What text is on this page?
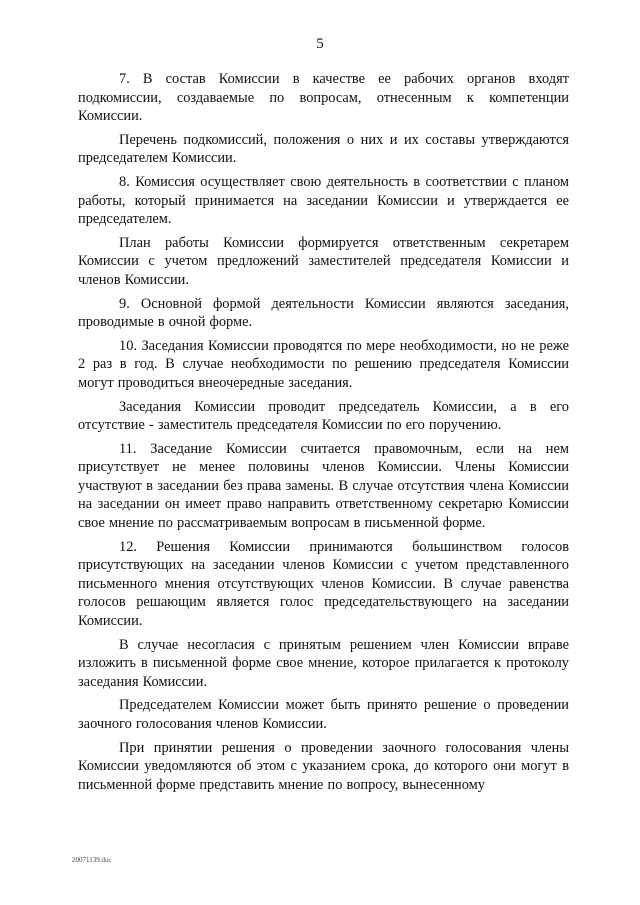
5

7. В состав Комиссии в качестве ее рабочих органов входят подкомиссии, создаваемые по вопросам, отнесенным к компетенции Комиссии.

Перечень подкомиссий, положения о них и их составы утверждаются председателем Комиссии.

8. Комиссия осуществляет свою деятельность в соответствии с планом работы, который принимается на заседании Комиссии и утверждается ее председателем.

План работы Комиссии формируется ответственным секретарем Комиссии с учетом предложений заместителей председателя Комиссии и членов Комиссии.

9. Основной формой деятельности Комиссии являются заседания, проводимые в очной форме.

10. Заседания Комиссии проводятся по мере необходимости, но не реже 2 раз в год. В случае необходимости по решению председателя Комиссии могут проводиться внеочередные заседания.

Заседания Комиссии проводит председатель Комиссии, а в его отсутствие - заместитель председателя Комиссии по его поручению.

11. Заседание Комиссии считается правомочным, если на нем присутствует не менее половины членов Комиссии. Члены Комиссии участвуют в заседании без права замены. В случае отсутствия члена Комиссии на заседании он имеет право направить ответственному секретарю Комиссии свое мнение по рассматриваемым вопросам в письменной форме.

12. Решения Комиссии принимаются большинством голосов присутствующих на заседании членов Комиссии с учетом представленного письменного мнения отсутствующих членов Комиссии. В случае равенства голосов решающим является голос председательствующего на заседании Комиссии.

В случае несогласия с принятым решением член Комиссии вправе изложить в письменной форме свое мнение, которое прилагается к протоколу заседания Комиссии.

Председателем Комиссии может быть принято решение о проведении заочного голосования членов Комиссии.

При принятии решения о проведении заочного голосования члены Комиссии уведомляются об этом с указанием срока, до которого они могут в письменной форме представить мнение по вопросу, вынесенному

20071139.doc
